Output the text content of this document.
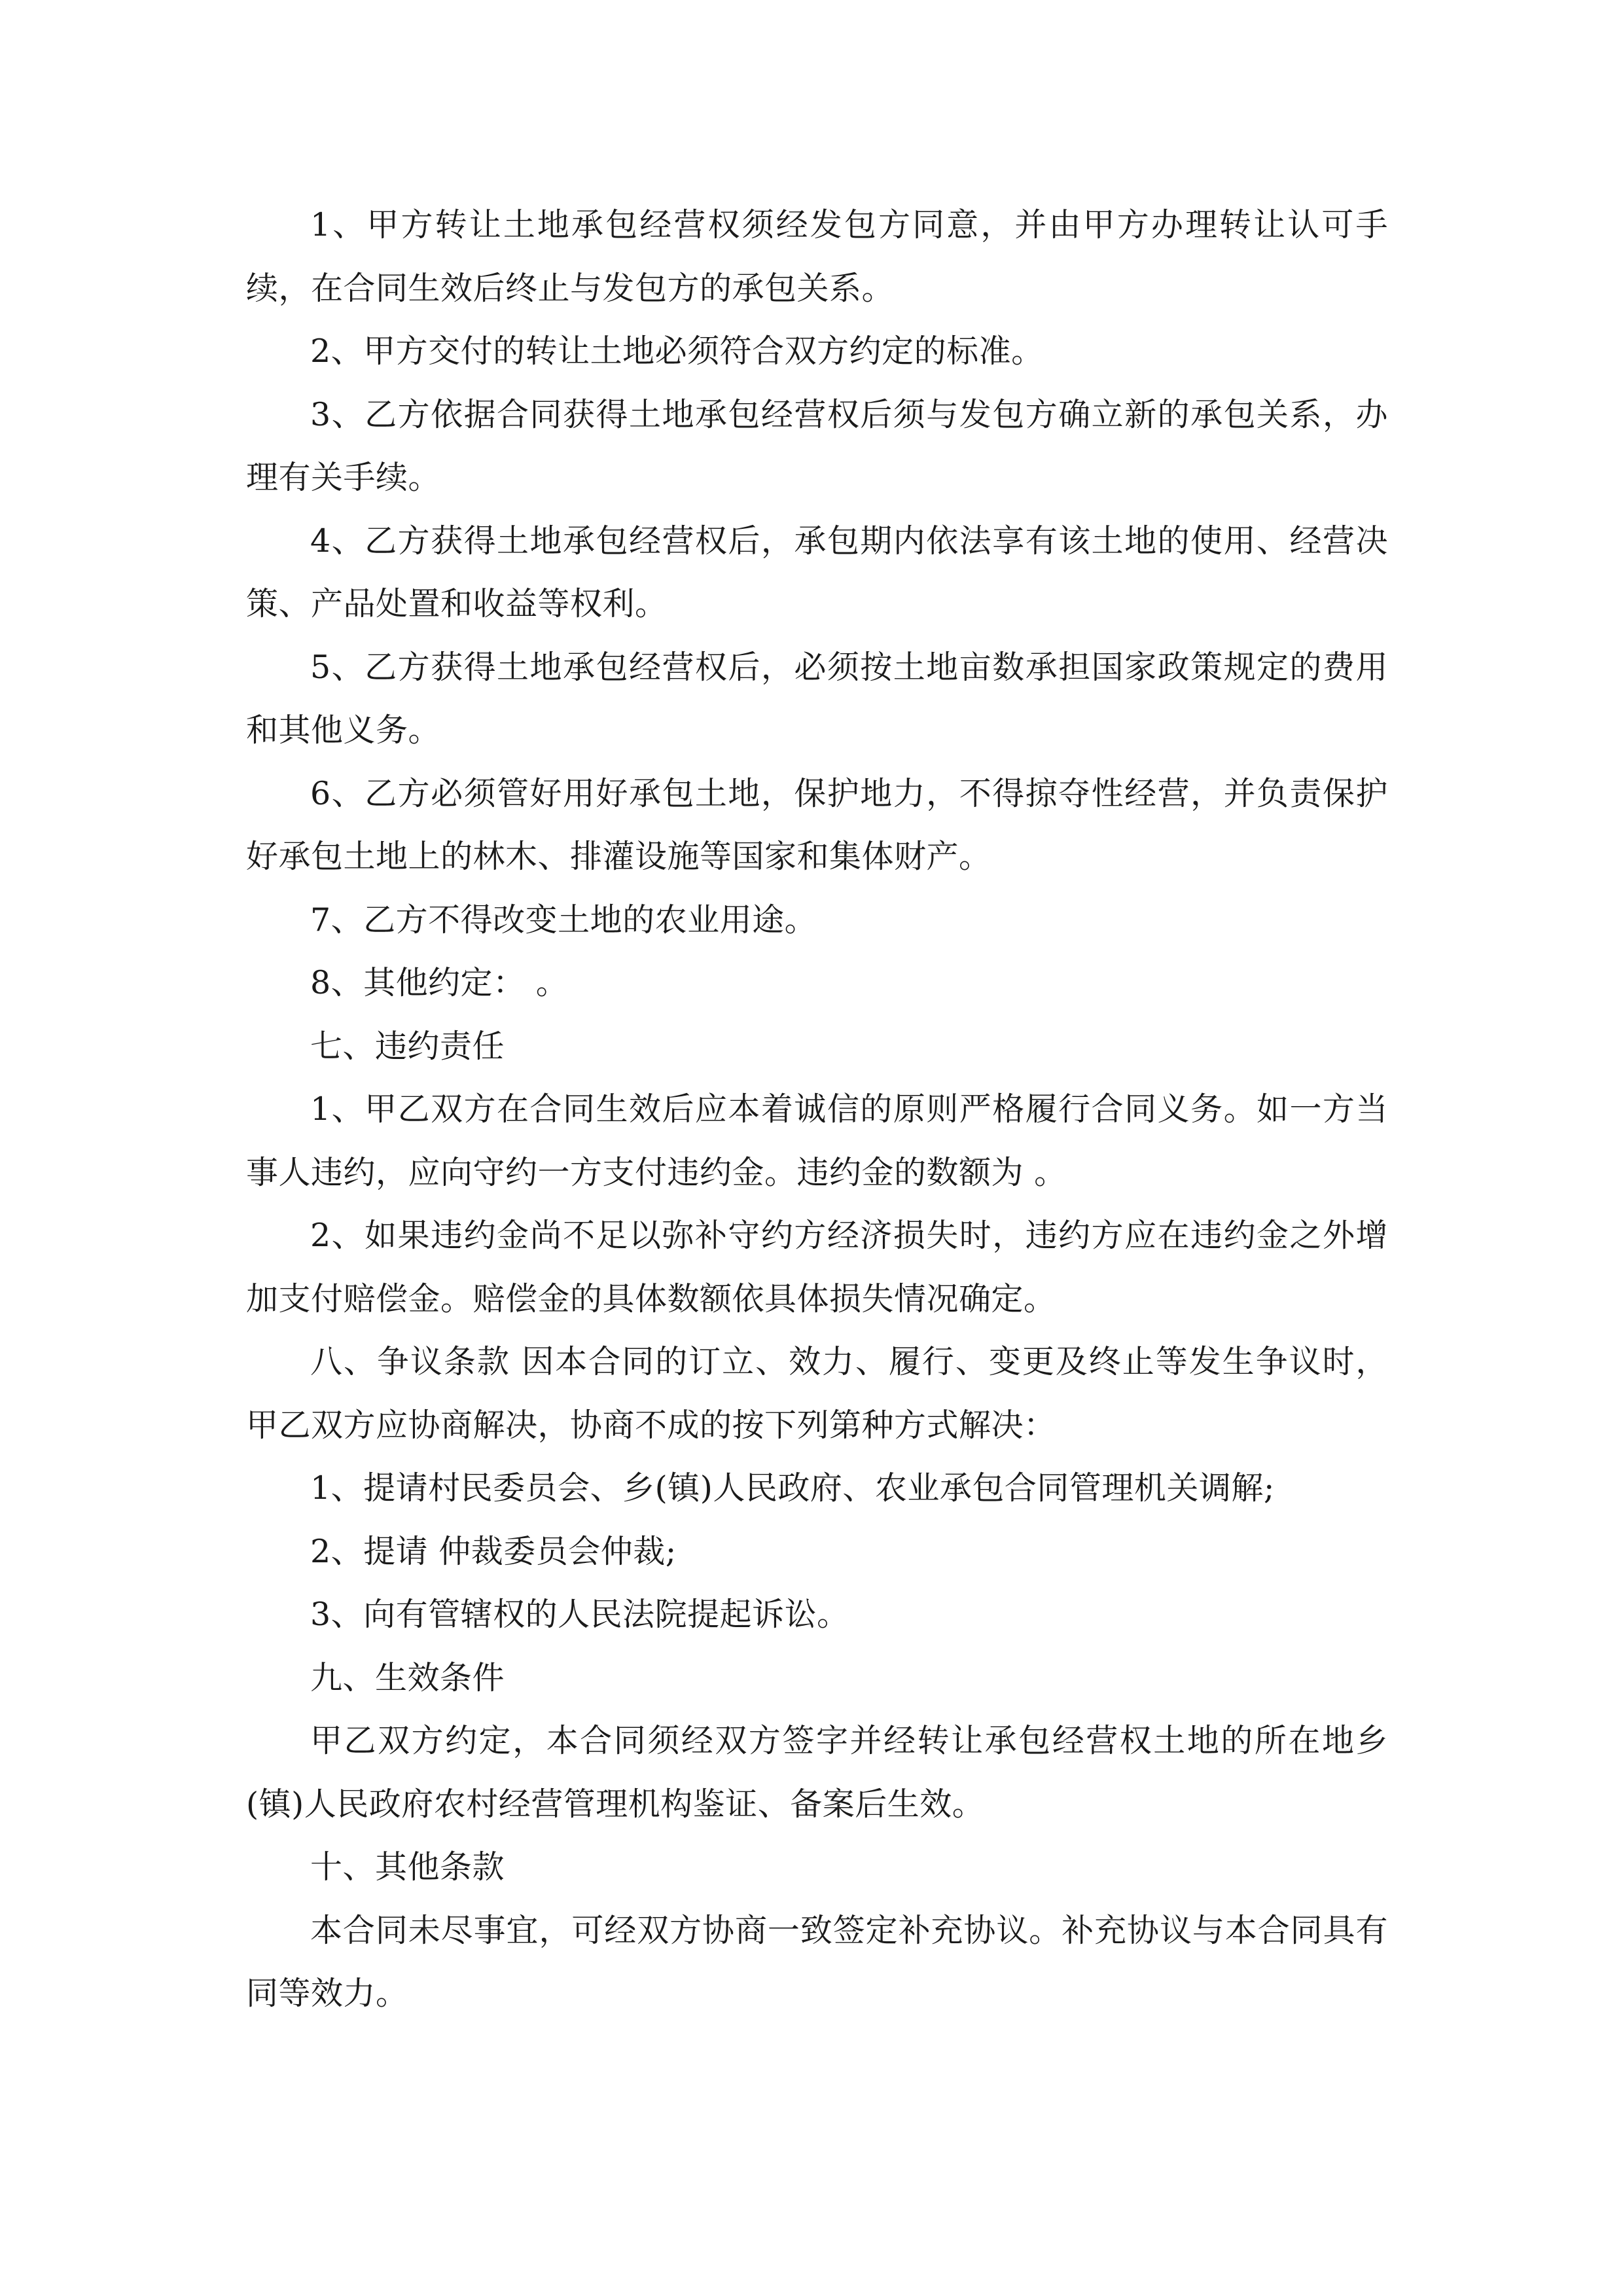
1、甲方转让土地承包经营权须经发包方同意，并由甲方办理转让认可手续，在合同生效后终止与发包方的承包关系。

2、甲方交付的转让土地必须符合双方约定的标准。

3、乙方依据合同获得土地承包经营权后须与发包方确立新的承包关系，办理有关手续。

4、乙方获得土地承包经营权后，承包期内依法享有该土地的使用、经营决策、产品处置和收益等权利。

5、乙方获得土地承包经营权后，必须按土地亩数承担国家政策规定的费用和其他义务。

6、乙方必须管好用好承包土地，保护地力，不得掠夺性经营，并负责保护好承包土地上的林木、排灌设施等国家和集体财产。

7、乙方不得改变土地的农业用途。

8、其他约定： 。

七、违约责任

1、甲乙双方在合同生效后应本着诚信的原则严格履行合同义务。如一方当事人违约，应向守约一方支付违约金。违约金的数额为 。

2、如果违约金尚不足以弥补守约方经济损失时，违约方应在违约金之外增加支付赔偿金。赔偿金的具体数额依具体损失情况确定。

八、争议条款 因本合同的订立、效力、履行、变更及终止等发生争议时，甲乙双方应协商解决，协商不成的按下列第种方式解决：

1、提请村民委员会、乡(镇)人民政府、农业承包合同管理机关调解;

2、提请 仲裁委员会仲裁;

3、向有管辖权的人民法院提起诉讼。

九、生效条件

甲乙双方约定，本合同须经双方签字并经转让承包经营权土地的所在地乡(镇)人民政府农村经营管理机构鉴证、备案后生效。

十、其他条款

本合同未尽事宜，可经双方协商一致签定补充协议。补充协议与本合同具有同等效力。
